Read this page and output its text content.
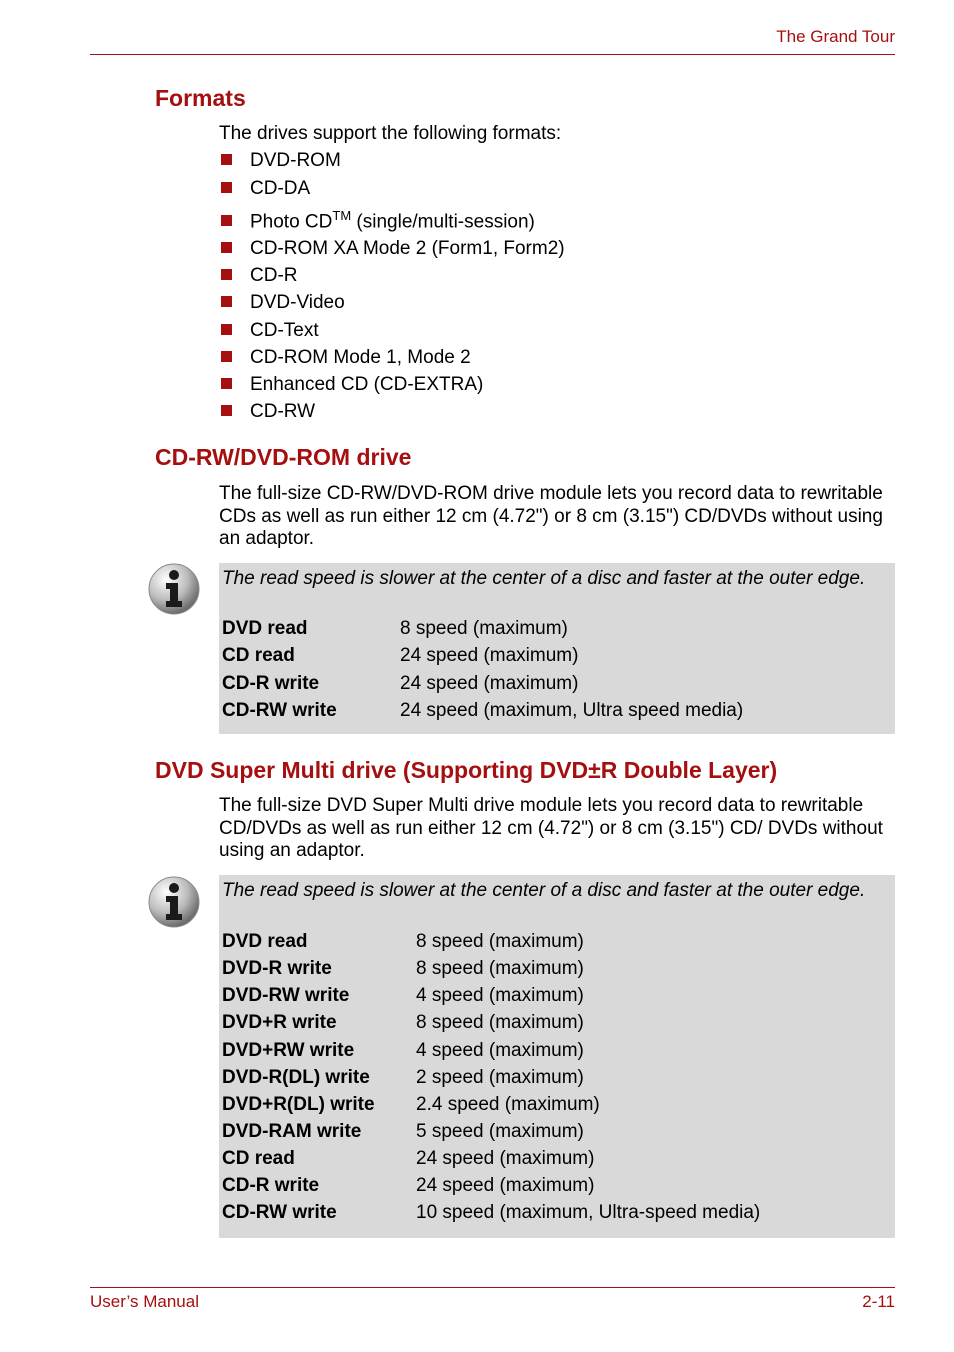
The Grand Tour
Formats
The drives support the following formats:
DVD-ROM
CD-DA
Photo CD™ (single/multi-session)
CD-ROM XA Mode 2 (Form1, Form2)
CD-R
DVD-Video
CD-Text
CD-ROM Mode 1, Mode 2
Enhanced CD (CD-EXTRA)
CD-RW
CD-RW/DVD-ROM drive
The full-size CD-RW/DVD-ROM drive module lets you record data to rewritable CDs as well as run either 12 cm (4.72") or 8 cm (3.15") CD/DVDs without using an adaptor.
The read speed is slower at the center of a disc and faster at the outer edge.
DVD read	8 speed (maximum)
CD read	24 speed (maximum)
CD-R write	24 speed (maximum)
CD-RW write	24 speed (maximum, Ultra speed media)
DVD Super Multi drive (Supporting DVD±R Double Layer)
The full-size DVD Super Multi drive module lets you record data to rewritable CD/DVDs as well as run either 12 cm (4.72") or 8 cm (3.15") CD/ DVDs without using an adaptor.
The read speed is slower at the center of a disc and faster at the outer edge.
DVD read	8 speed (maximum)
DVD-R write	8 speed (maximum)
DVD-RW write	4 speed (maximum)
DVD+R write	8 speed (maximum)
DVD+RW write	4 speed (maximum)
DVD-R(DL) write 2 speed (maximum)
DVD+R(DL) write 2.4 speed (maximum)
DVD-RAM write	5 speed (maximum)
CD read	24 speed (maximum)
CD-R write	24 speed (maximum)
CD-RW write	10 speed (maximum, Ultra-speed media)
User’s Manual	2-11
